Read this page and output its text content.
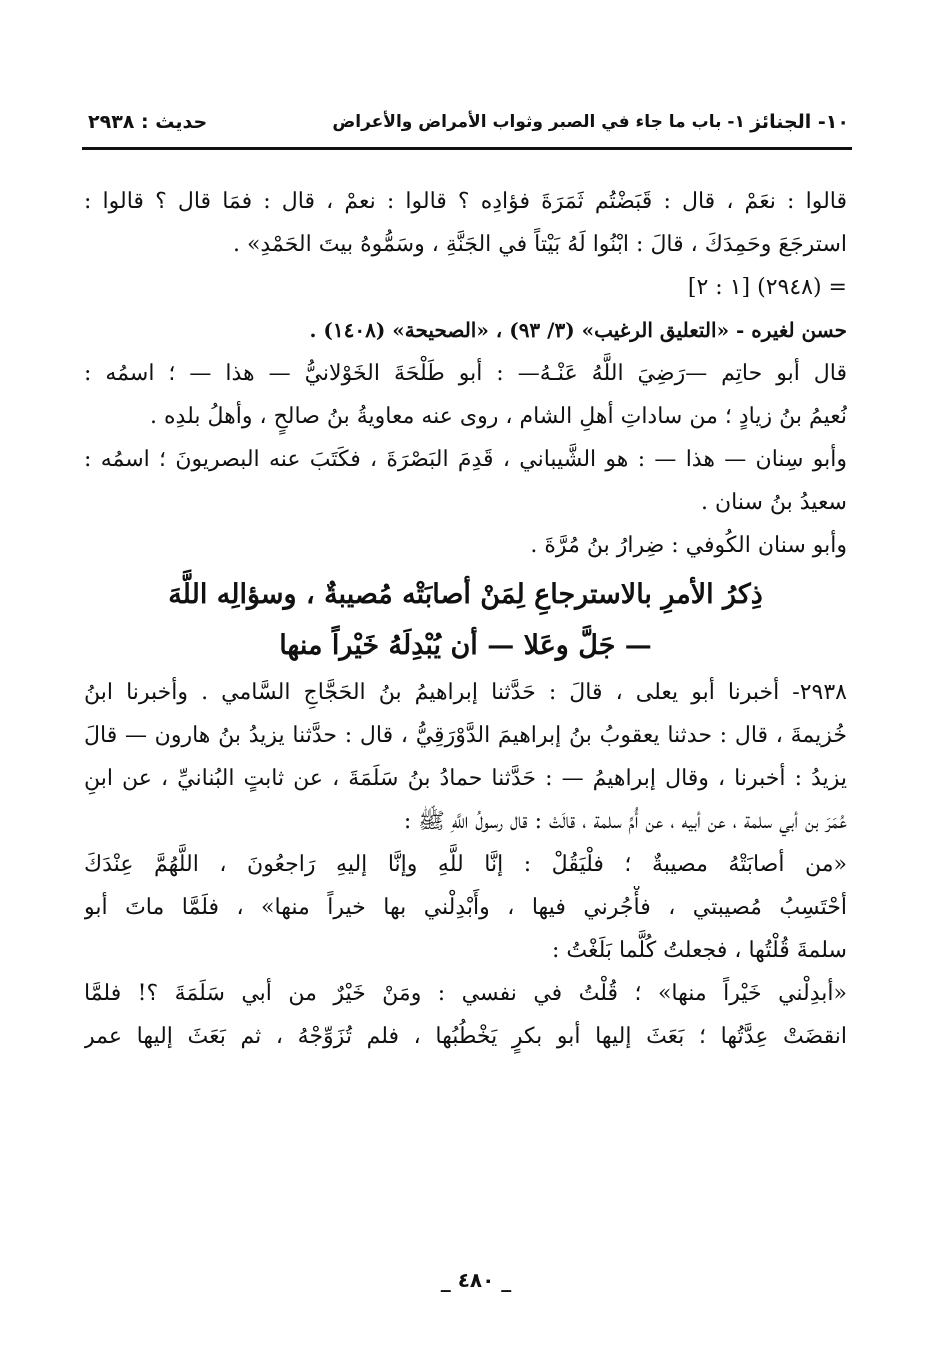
١٠- الجنائز
١- باب ما جاء في الصبر وثواب الأمراض والأعراض
حديث : ٢٩٣٨
قالوا : نعَمْ ، قال : قَبَضْتُم ثَمَرَةَ فؤادِه ؟ قالوا : نعمْ ، قال : فمَا قال ؟ قالوا :
استرجَعَ وحَمِدَكَ ، قالَ : ابْنُوا لَهُ بَيْتاً في الجَنَّةِ ، وسَمُّوهُ بيتَ الحَمْدِ» .
= (٢٩٤٨) [١ : ٢]
حسن لغيره - «التعليق الرغيب» (٣/ ٩٣) ، «الصحيحة» (١٤٠٨) .
قال أبو حاتِم —رَضِيَ اللَّهُ عَنْـهُ— : أبو طَلْحَةَ الخَوْلانيُّ — هذا — ؛ اسمُه :
نُعيمُ بنُ زيادٍ ؛ من ساداتِ أهلِ الشام ، روى عنه معاويةُ بنُ صالحٍ ، وأهلُ بلدِه .
وأبو سِنان — هذا — : هو الشَّيباني ، قَدِمَ البَصْرَةَ ، فكَتَبَ عنه البصريونَ ؛ اسمُه :
سعيدُ بنُ سنان .
وأبو سنان الكُوفي : ضِرارُ بنُ مُرَّةَ .
ذِكرُ الأمرِ بالاسترجاعِ لِمَنْ أصابَتْه مُصيبةٌ ، وسؤالِه اللَّهَ
— جَلَّ وعَلا — أن يُبْدِلَهُ خَيْراً منها
٢٩٣٨- أخبرنا أبو يعلى ، قالَ : حَدَّثنا إبراهيمُ بنُ الحَجَّاجِ السَّامي . وأخبرنا ابنُ
خُزيمةَ ، قال : حدثنا يعقوبُ بنُ إبراهيمَ الدَّوْرَقِيُّ ، قال : حدَّثنا يزيدُ بنُ هارون — قالَ
يزيدُ : أخبرنا ، وقال إبراهيمُ — : حَدَّثنا حمادُ بنُ سَلَمَةَ ، عن ثابتٍ البُنانيِّ ، عن ابنِ
عُمَرَ بن أبي سلمة ، عن أبيه ، عن أُمِّ سلمة ، قالَتْ : قال رسولُ اللَّهِ ﷺ :
«من أصابَتْهُ مصيبةٌ ؛ فلْيَقُلْ : إنَّا للَّهِ وإنَّا إليهِ رَاجعُونَ ، اللَّهُمَّ عِنْدَكَ
أحْتَسِبُ مُصيبتي ، فأْجُرني فيها ، وأَبْدِلْني بها خيراً منها» ، فلَمَّا ماتَ أبو
سلمةَ قُلْتُها ، فجعلتُ كُلَّما بَلَغْتُ :
«أبدِلْني خَيْراً منها» ؛ قُلْتُ في نفسي : ومَنْ خَيْرٌ من أبي سَلَمَةَ ؟! فلمَّا
انقضَتْ عِدَّتُها ؛ بَعَثَ إليها أبو بكرٍ يَخْطُبُها ، فلم تُزَوِّجْهُ ، ثم بَعَثَ إليها عمر
_ ٤٨٠ _
